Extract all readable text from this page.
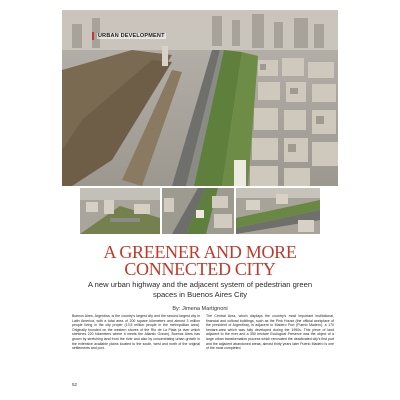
URBAN DEVELOPMENT
A GREENER AND MORE
CONNECTED CITY
A new urban highway and the adjacent system of pedestrian green spaces in Buenos Aires City
By: Jimena Martignoni
Buenos Aires, Argentina, is the country's largest city and the second largest city in Latin America, with a total area of 200 square kilometers and almost 3 million people living in the city proper (13.5 million people in the metropolitan area). Originally founded on the western shores of the Rio de La Plata (a river which stretches 220 kilometers where it meets the Atlantic Ocean), Buenos Aires has grown by stretching land from the river and also by concentrating urban growth in the extensive available plains located to the south, west and north of the original settlements and port.
The Central Area, which displays the country's most important institutional, financial and cultural buildings, such as the Pink House (the official workplace of the president of Argentina), is adjacent to Madero Port (Puerto Madero), a 170 hectare-area which was fully developed during the 1990s. This piece of land adjacent to the river and a 350 hectare Ecological Preserve was the object of a large urban transformation process which renovated the deactivated city's first port and the adjacent abandoned areas; almost thirty years later Puerto Madero is one of the most completed.
52
